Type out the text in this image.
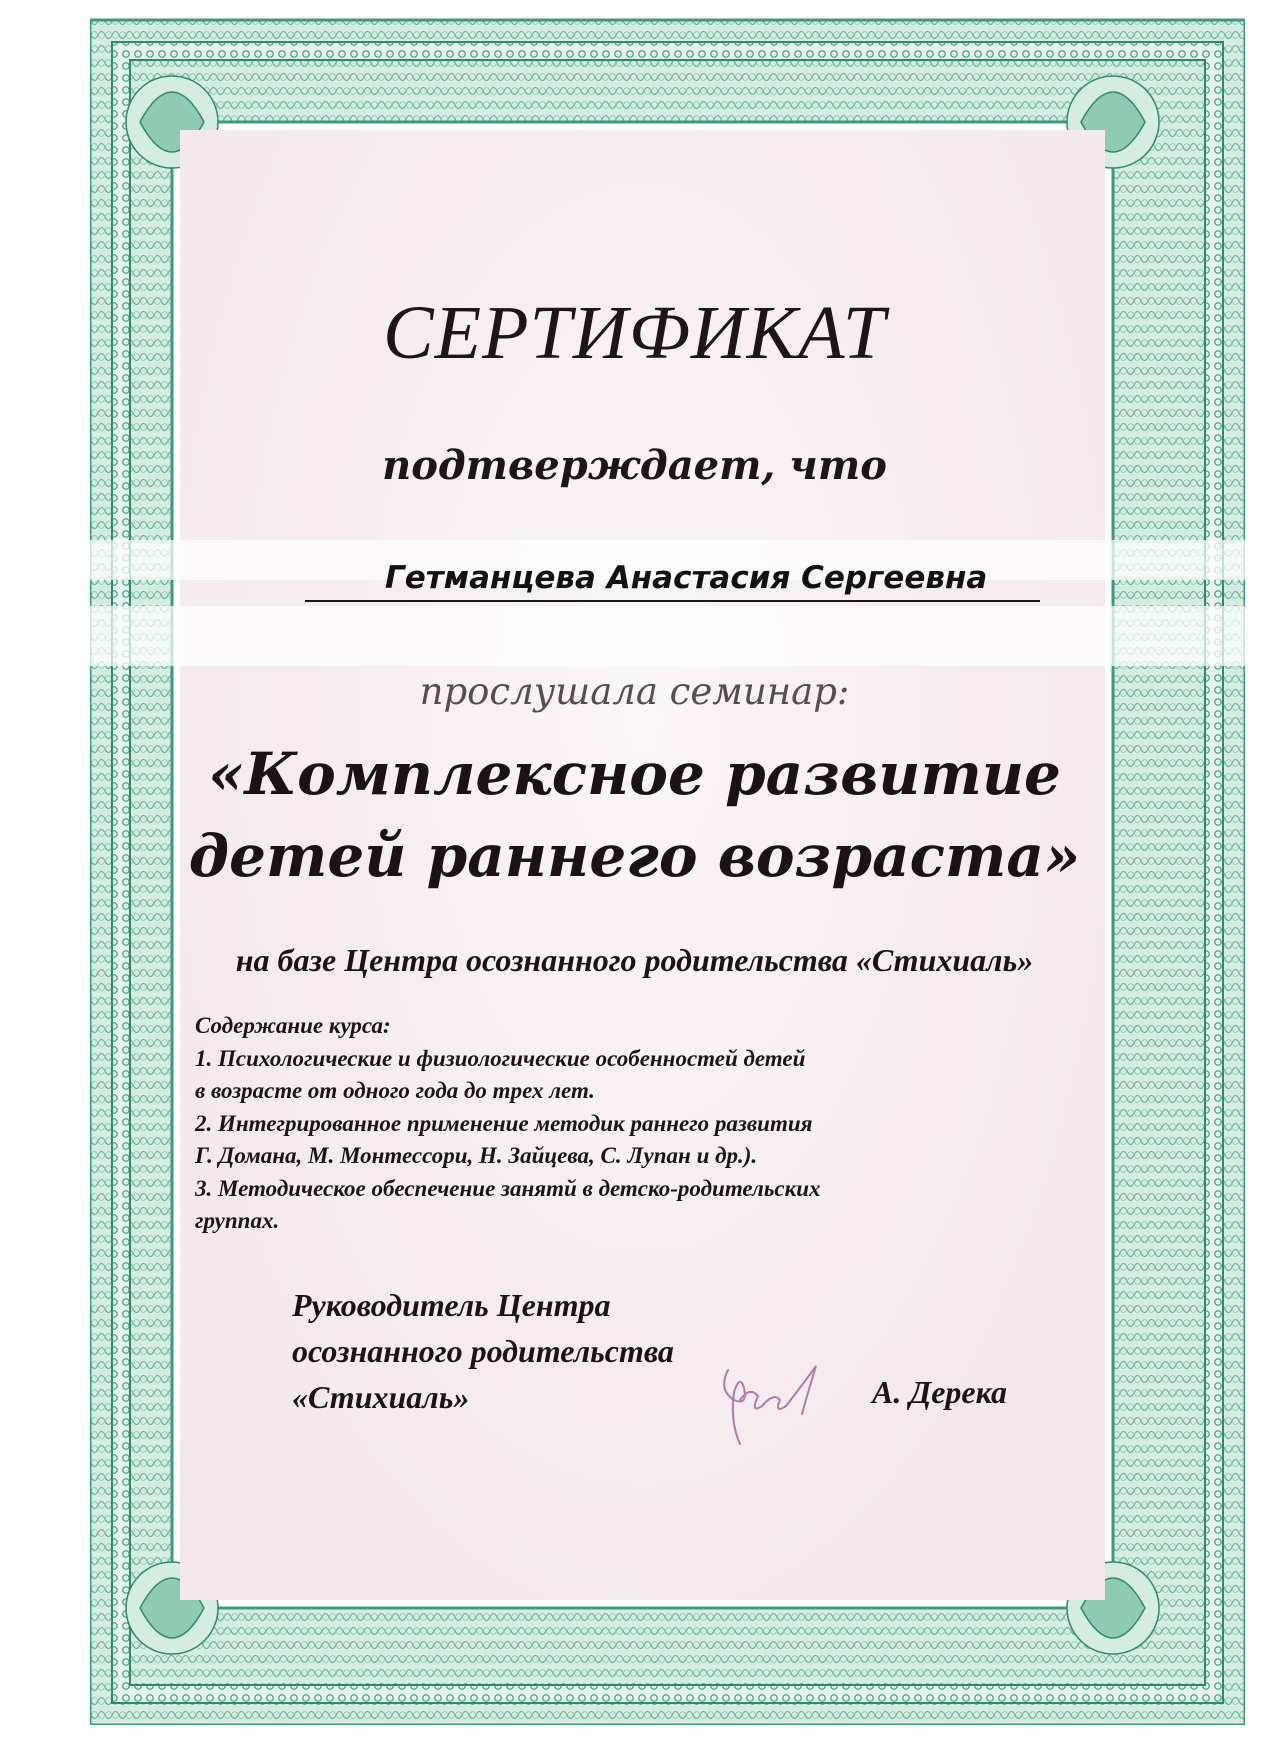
СЕРТИФИКАТ
подтверждает, что
Гетманцева Анастасия Сергеевна
прослушала семинар:
«Комплексное развитие
детей раннего возраста»
на базе Центра осознанного родительства «Стихиаль»
Содержание курса:
1. Психологические и физиологические особенностей детей
в возрасте от одного года до трех лет.
2. Интегрированное применение методик раннего развития
Г. Домана, М. Монтессори, Н. Зайцева, С. Лупан и др.).
3. Методическое обеспечение занятй в детско-родительских
группах.
Руководитель Центра
осознанного родительства
«Стихиаль»	А. Дерека
